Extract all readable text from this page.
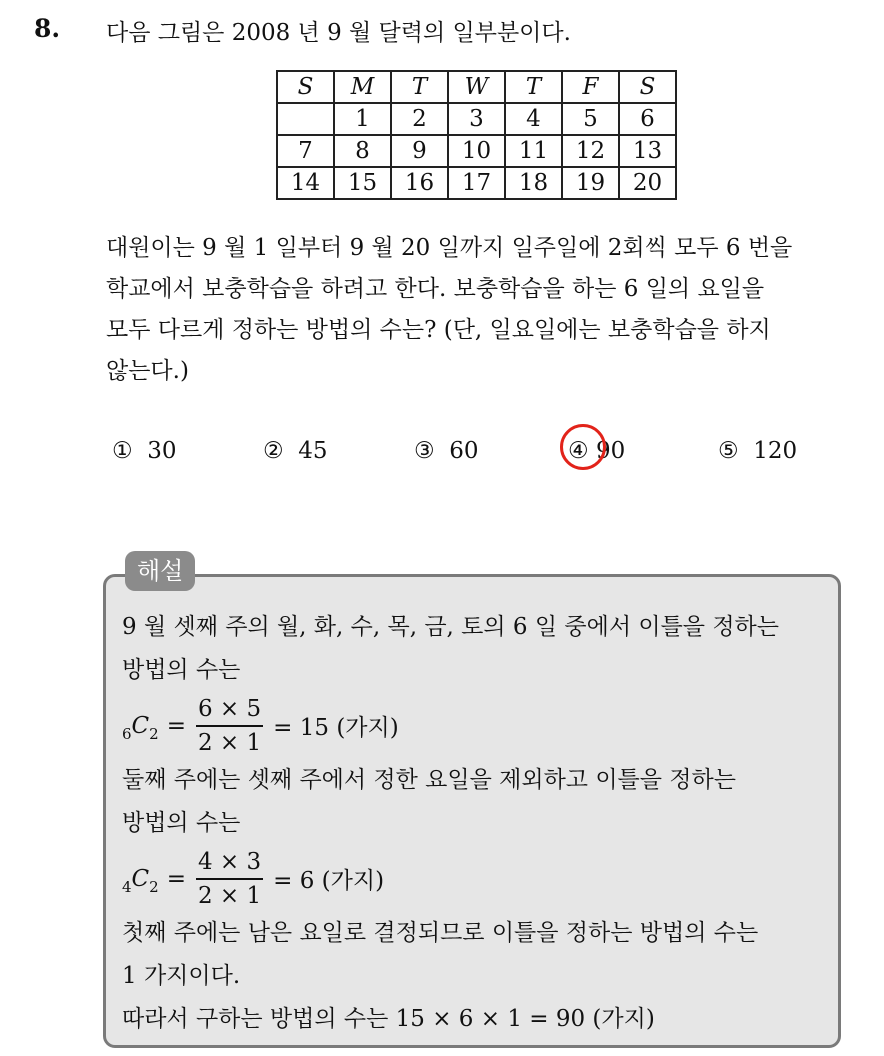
8. 다음 그림은 2008 년 9 월 달력의 일부분이다.
S	M	T	W	T	F	S
	1	2	3	4	5	6
7	8	9	10	11	12	13
14	15	16	17	18	19	20

대원이는 9 월 1 일부터 9 월 20 일까지 일주일에 2회씩 모두 6 번을

학교에서 보충학습을 하려고 한다. 보충학습을 하는 6 일의 요일을

모두 다르게 정하는 방법의 수는? (단, 일요일에는 보충학습을 하지

않는다.)

① 30	② 45	③ 60	④ 90	⑤ 120
해설
9 월 셋째 주의 월, 화, 수, 목, 금, 토의 6 일 중에서 이틀을 정하는
방법의 수는
6 C $2 = \frac{6 \times 5}{2 \times 1} = 15$ (가지)
둘째 주에는 셋째 주에서 정한 요일을 제외하고 이틀을 정하는
방법의 수는
4 C $2 = \frac{4 \times 3}{2 \times 1} = 6$ (가지)
첫째 주에는 남은 요일로 결정되므로 이틀을 정하는 방법의 수는
1 가지이다.
따라서 구하는 방법의 수는 15 × 6 × 1 = 90 (가지)
